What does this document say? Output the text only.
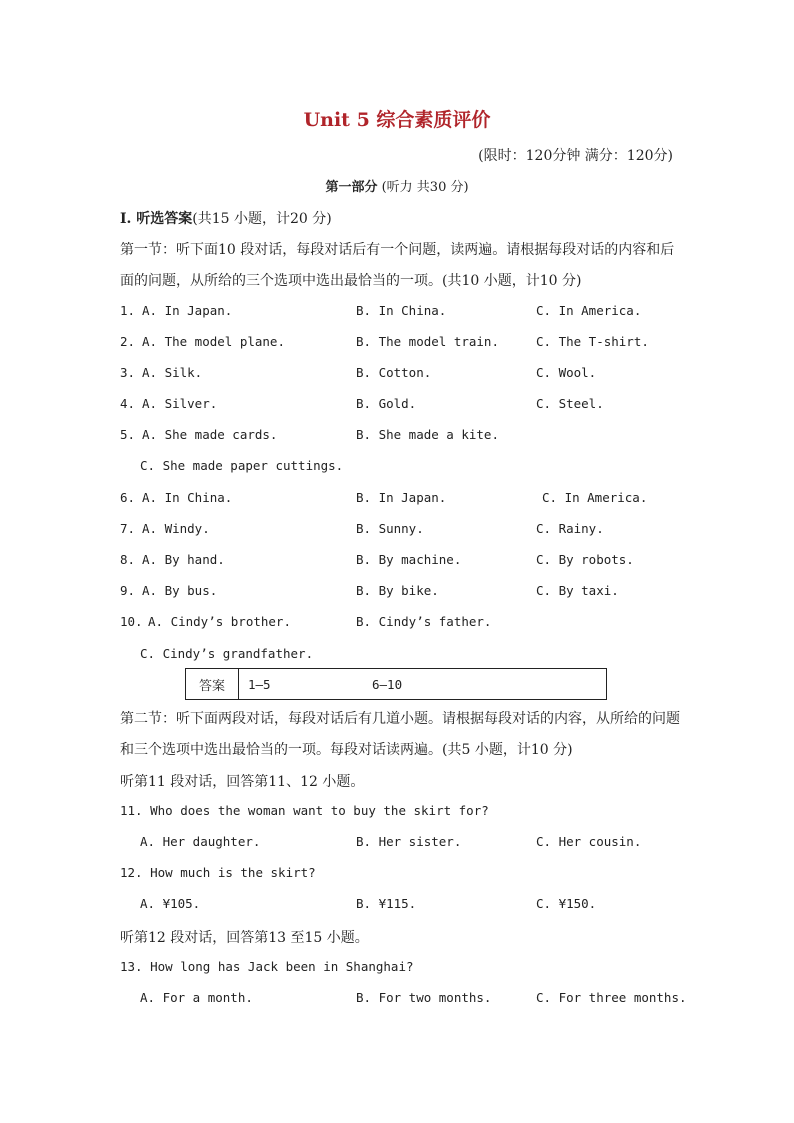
Unit 5 综合素质评价
(限时：120分钟 满分：120分)
第一部分 (听力 共30 分)
I. 听选答案(共15 小题，计20 分)
第一节：听下面10 段对话，每段对话后有一个问题，读两遍。请根据每段对话的内容和后
面的问题，从所给的三个选项中选出最恰当的一项。(共10 小题，计10 分)
1. A. In Japan.	B. In China.	C. In America.
2. A. The model plane.	B. The model train.	C. The T-shirt.
3. A. Silk.	B. Cotton.	C. Wool.
4. A. Silver.	B. Gold.	C. Steel.
5. A. She made cards.	B. She made a kite.
C. She made paper cuttings.
6. A. In China.	B. In Japan.	C. In America.
7. A. Windy.	B. Sunny.	C. Rainy.
8. A. By hand.	B. By machine.	C. By robots.
9. A. By bus.	B. By bike.	C. By taxi.
10. A. Cindy’s brother.	B. Cindy’s father.
C. Cindy’s grandfather.
答案	1—5	6—10
第二节：听下面两段对话，每段对话后有几道小题。请根据每段对话的内容，从所给的问题
和三个选项中选出最恰当的一项。每段对话读两遍。(共5 小题，计10 分)
听第11 段对话，回答第11、12 小题。
11. Who does the woman want to buy the skirt for?
A. Her daughter.	B. Her sister.	C. Her cousin.
12. How much is the skirt?
A. ¥105.	B. ¥115.	C. ¥150.
听第12 段对话，回答第13 至15 小题。
13. How long has Jack been in Shanghai?
A. For a month.	B. For two months.	C. For three months.
